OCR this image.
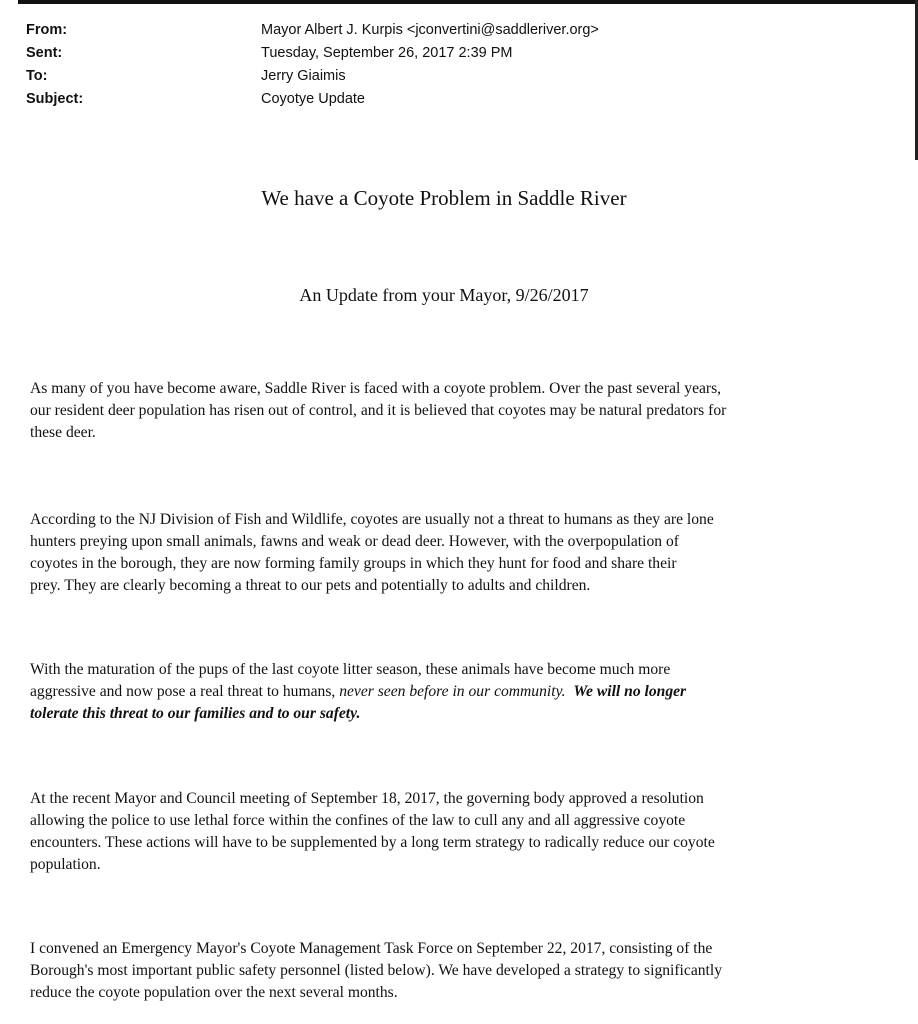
From:	Mayor Albert J. Kurpis <jconvertini@saddleriver.org>
Sent:	Tuesday, September 26, 2017 2:39 PM
To:	Jerry Giaimis
Subject:	Coyotye Update
We have a Coyote Problem in Saddle River
An Update from your Mayor, 9/26/2017
As many of you have become aware, Saddle River is faced with a coyote problem. Over the past several years,
our resident deer population has risen out of control, and it is believed that coyotes may be natural predators for
these deer.
According to the NJ Division of Fish and Wildlife, coyotes are usually not a threat to humans as they are lone
hunters preying upon small animals, fawns and weak or dead deer. However, with the overpopulation of
coyotes in the borough, they are now forming family groups in which they hunt for food and share their
prey. They are clearly becoming a threat to our pets and potentially to adults and children.
With the maturation of the pups of the last coyote litter season, these animals have become much more
aggressive and now pose a real threat to humans, never seen before in our community. We will no longer
tolerate this threat to our families and to our safety.
At the recent Mayor and Council meeting of September 18, 2017, the governing body approved a resolution
allowing the police to use lethal force within the confines of the law to cull any and all aggressive coyote
encounters. These actions will have to be supplemented by a long term strategy to radically reduce our coyote
population.
I convened an Emergency Mayor's Coyote Management Task Force on September 22, 2017, consisting of the
Borough's most important public safety personnel (listed below). We have developed a strategy to significantly
reduce the coyote population over the next several months.
